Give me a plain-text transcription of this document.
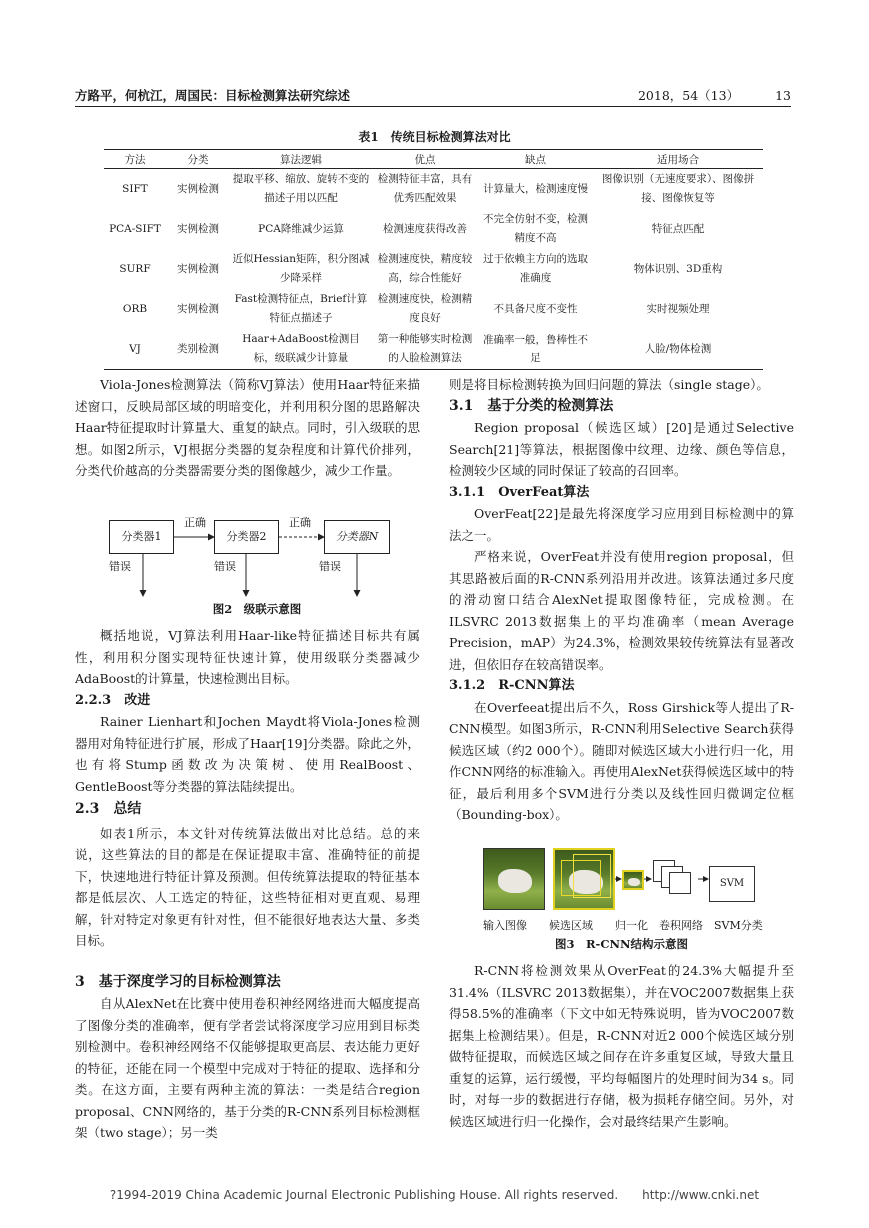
方路平，何杭江，周国民：目标检测算法研究综述	2018，54（13）	13
表1　传统目标检测算法对比
方法	分类	算法逻辑	优点	缺点	适用场合
SIFT	实例检测	提取平移、缩放、旋转不变的描述子用以匹配	检测特征丰富，具有优秀匹配效果	计算量大，检测速度慢	图像识别（无速度要求）、图像拼接、图像恢复等
PCA-SIFT	实例检测	PCA降维减少运算	检测速度获得改善	不完全仿射不变，检测精度不高	特征点匹配
SURF	实例检测	近似Hessian矩阵，积分图减少降采样	检测速度快，精度较高，综合性能好	过于依赖主方向的选取准确度	物体识别、3D重构
ORB	实例检测	Fast检测特征点，Brief计算特征点描述子	检测速度快，检测精度良好	不具备尺度不变性	实时视频处理
VJ	类别检测	Haar+AdaBoost检测目标，级联减少计算量	第一种能够实时检测的人脸检测算法	准确率一般，鲁棒性不足	人脸/物体检测

Viola-Jones检测算法（简称VJ算法）使用Haar特征来描述窗口，反映局部区域的明暗变化，并利用积分图的思路解决Haar特征提取时计算量大、重复的缺点。同时，引入级联的思想。如图2所示，VJ根据分类器的复杂程度和计算代价排列，分类代价越高的分类器需要分类的图像越少，减少工作量。

分类器1	分类器2	分类器N
正确	正确
错误	错误	错误
图2　级联示意图

概括地说，VJ算法利用Haar-like特征描述目标共有属性，利用积分图实现特征快速计算，使用级联分类器减少AdaBoost的计算量，快速检测出目标。

2.2.3　改进

Rainer Lienhart和Jochen Maydt将Viola-Jones检测器用对角特征进行扩展，形成了Haar[19]分类器。除此之外，也有将Stump函数改为决策树、使用RealBoost、GentleBoost等分类器的算法陆续提出。

2.3　总结

如表1所示，本文针对传统算法做出对比总结。总的来说，这些算法的目的都是在保证提取丰富、准确特征的前提下，快速地进行特征计算及预测。但传统算法提取的特征基本都是低层次、人工选定的特征，这些特征相对更直观、易理解，针对特定对象更有针对性，但不能很好地表达大量、多类目标。

3　基于深度学习的目标检测算法

自从AlexNet在比赛中使用卷积神经网络进而大幅度提高了图像分类的准确率，便有学者尝试将深度学习应用到目标类别检测中。卷积神经网络不仅能够提取更高层、表达能力更好的特征，还能在同一个模型中完成对于特征的提取、选择和分类。在这方面，主要有两种主流的算法：一类是结合region proposal、CNN网络的，基于分类的R-CNN系列目标检测框架（two stage）；另一类

则是将目标检测转换为回归问题的算法（single stage）。

3.1　基于分类的检测算法

Region proposal（候选区域）[20]是通过Selective Search[21]等算法，根据图像中纹理、边缘、颜色等信息，检测较少区域的同时保证了较高的召回率。

3.1.1　OverFeat算法

OverFeat[22]是最先将深度学习应用到目标检测中的算法之一。

严格来说，OverFeat并没有使用region proposal，但其思路被后面的R-CNN系列沿用并改进。该算法通过多尺度的滑动窗口结合AlexNet提取图像特征，完成检测。在ILSVRC 2013数据集上的平均准确率（mean Average Precision，mAP）为24.3%，检测效果较传统算法有显著改进，但依旧存在较高错误率。

3.1.2　R-CNN算法

在Overfeeat提出后不久，Ross Girshick等人提出了R-CNN模型。如图3所示，R-CNN利用Selective Search获得候选区域（约2 000个）。随即对候选区域大小进行归一化，用作CNN网络的标准输入。再使用AlexNet获得候选区域中的特征，最后利用多个SVM进行分类以及线性回归微调定位框（Bounding-box）。

SVM
输入图像　　候选区域　　归一化　卷积网络　SVM分类
图3　R-CNN结构示意图

R-CNN将检测效果从OverFeat的24.3%大幅提升至31.4%（ILSVRC 2013数据集），并在VOC2007数据集上获得58.5%的准确率（下文中如无特殊说明，皆为VOC2007数据集上检测结果）。但是，R-CNN对近2 000个候选区域分别做特征提取，而候选区域之间存在许多重复区域，导致大量且重复的运算，运行缓慢，平均每幅图片的处理时间为34 s。同时，对每一步的数据进行存储，极为损耗存储空间。另外，对候选区域进行归一化操作，会对最终结果产生影响。

?1994-2019 China Academic Journal Electronic Publishing House. All rights reserved.　　http://www.cnki.net
